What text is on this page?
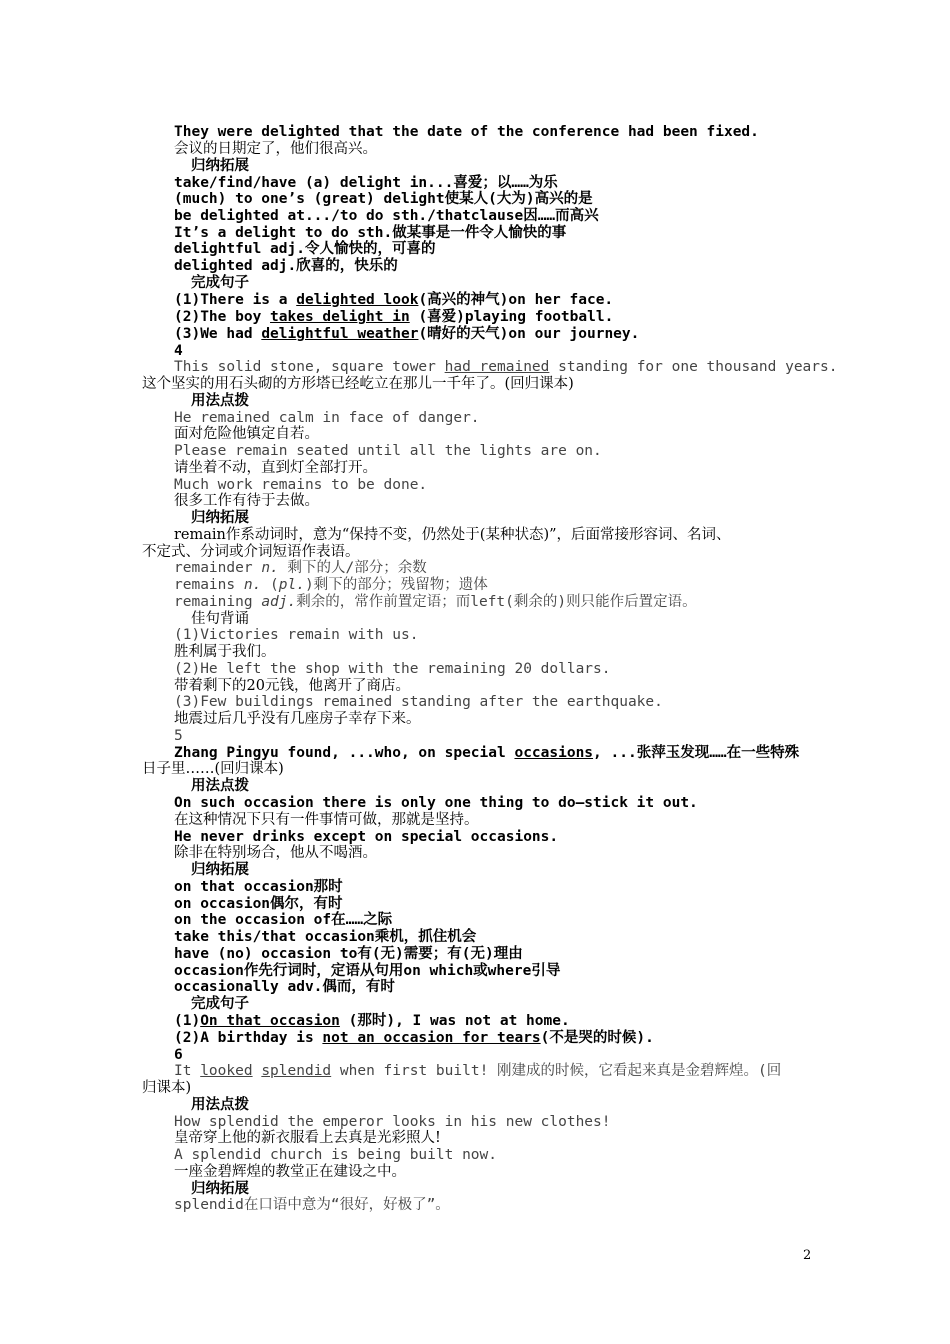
They were delighted that the date of the conference had been fixed.
会议的日期定了，他们很高兴。
归纳拓展
take/find/have (a) delight in...喜爱；以……为乐
(much) to one’s (great) delight使某人(大为)高兴的是
be delighted at.../to do sth./thatclause因……而高兴
It’s a delight to do sth.做某事是一件令人愉快的事
delightful adj.令人愉快的，可喜的
delighted adj.欣喜的，快乐的
完成句子
(1)There is a delighted look(高兴的神气)on her face.
(2)The boy takes delight in (喜爱)playing football.
(3)We had delightful weather(晴好的天气)on our journey.
4
This solid stone, square tower had remained standing for one thousand years.
这个坚实的用石头砌的方形塔已经屹立在那儿一千年了。(回归课本)
用法点拨
He remained calm in face of danger.
面对危险他镇定自若。
Please remain seated until all the lights are on.
请坐着不动，直到灯全部打开。
Much work remains to be done.
很多工作有待于去做。
归纳拓展
remain作系动词时，意为“保持不变，仍然处于(某种状态)”，后面常接形容词、名词、
不定式、分词或介词短语作表语。
remainder n. 剩下的人/部分；余数
remains n. (pl.)剩下的部分；残留物；遗体
remaining adj.剩余的，常作前置定语；而left(剩余的)则只能作后置定语。
佳句背诵
(1)Victories remain with us.
胜利属于我们。
(2)He left the shop with the remaining 20 dollars.
带着剩下的20元钱，他离开了商店。
(3)Few buildings remained standing after the earthquake.
地震过后几乎没有几座房子幸存下来。
5
Zhang Pingyu found, ...who, on special occasions, ...张萍玉发现……在一些特殊
日子里……(回归课本)
用法点拨
On such occasion there is only one thing to do—stick it out.
在这种情况下只有一件事情可做，那就是坚持。
He never drinks except on special occasions.
除非在特别场合，他从不喝酒。
归纳拓展
on that occasion那时
on occasion偶尔，有时
on the occasion of在……之际
take this/that occasion乘机，抓住机会
have (no) occasion to有(无)需要；有(无)理由
occasion作先行词时，定语从句用on which或where引导
occasionally adv.偶而，有时
完成句子
(1)On that occasion (那时), I was not at home.
(2)A birthday is not an occasion for tears(不是哭的时候).
6
It looked splendid when first built! 刚建成的时候，它看起来真是金碧辉煌。(回
归课本)
用法点拨
How splendid the emperor looks in his new clothes!
皇帝穿上他的新衣服看上去真是光彩照人!
A splendid church is being built now.
一座金碧辉煌的教堂正在建设之中。
归纳拓展
splendid在口语中意为“很好，好极了”。
2
